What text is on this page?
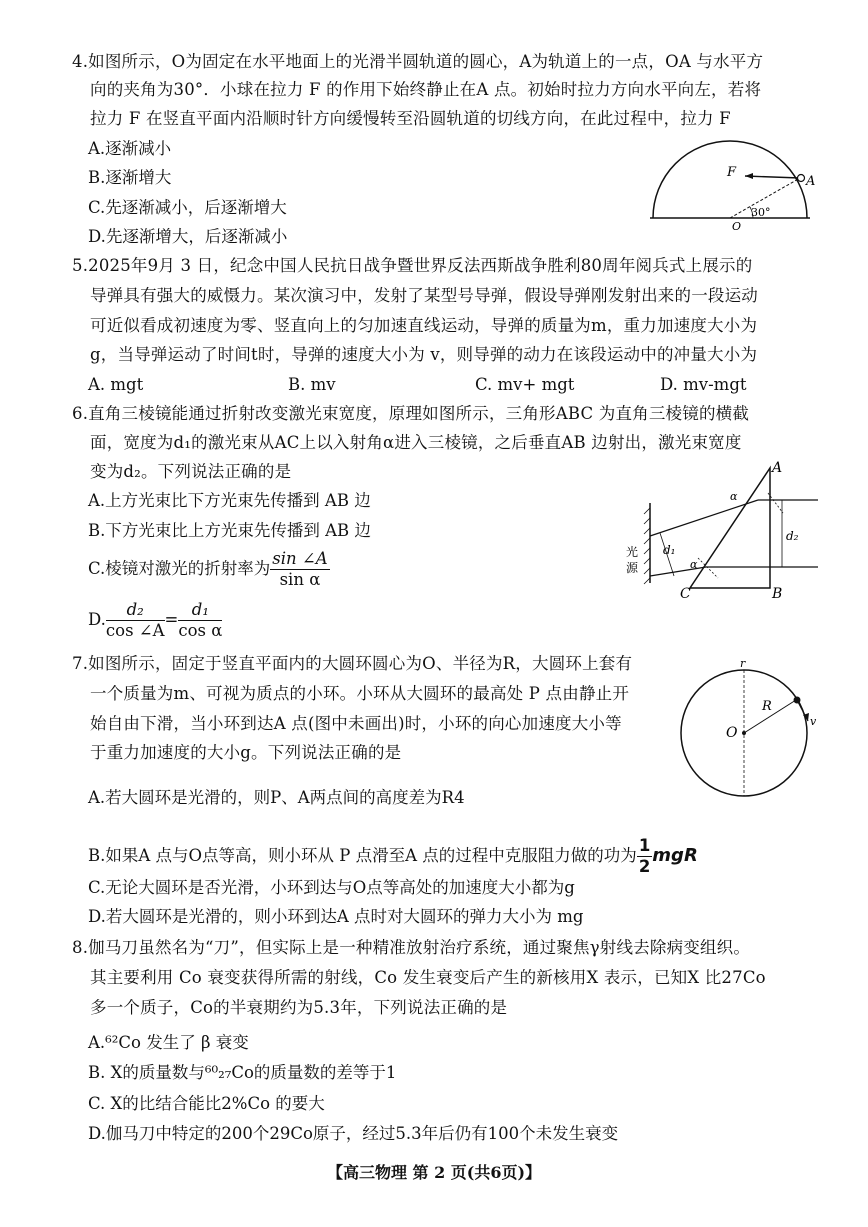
4.如图所示，O为固定在水平地面上的光滑半圆轨道的圆心，A为轨道上的一点，OA 与水平方
向的夹角为30°．小球在拉力 F 的作用下始终静止在A 点。初始时拉力方向水平向左，若将
拉力 F 在竖直平面内沿顺时针方向缓慢转至沿圆轨道的切线方向，在此过程中，拉力 F
A.逐渐减小
B.逐渐增大
C.先逐渐减小，后逐渐增大
D.先逐渐增大，后逐渐减小
F
A
30°
O
5.2025年9月 3 日，纪念中国人民抗日战争暨世界反法西斯战争胜利80周年阅兵式上展示的
导弹具有强大的威慑力。某次演习中，发射了某型号导弹，假设导弹刚发射出来的一段运动
可近似看成初速度为零、竖直向上的匀加速直线运动，导弹的质量为m，重力加速度大小为
g，当导弹运动了时间t时，导弹的速度大小为 v，则导弹的动力在该段运动中的冲量大小为
A. mgt	B. mv	C. mv+ mgt	D. mv-mgt
6.直角三棱镜能通过折射改变激光束宽度，原理如图所示，三角形ABC 为直角三棱镜的横截
面，宽度为d₁的激光束从AC上以入射角α进入三棱镜，之后垂直AB 边射出，激光束宽度
变为d₂。下列说法正确的是
A.上方光束比下方光束先传播到 AB 边
B.下方光束比上方光束先传播到 AB 边
C.棱镜对激光的折射率为 $\frac{\sin \angle A}{\text{sin α}}$
D. $\frac{\text{d₂}}{\cos \angle A} = \frac{\text{d₁}}{\text{cos α}}$
A
B
C
d₁
d₂
α
α
光
源
7.如图所示，固定于竖直平面内的大圆环圆心为O、半径为R，大圆环上套有
一个质量为m、可视为质点的小环。小环从大圆环的最高处 P 点由静止开
始自由下滑，当小环到达A 点(图中未画出)时，小环的向心加速度大小等
于重力加速度的大小g。下列说法正确的是
A.若大圆环是光滑的，则P、A两点间的高度差为R4
B.如果A 点与O点等高，则小环从 P 点滑至A 点的过程中克服阻力做的功为 $\frac{1}{2}$ mgR
C.无论大圆环是否光滑，小环到达与O点等高处的加速度大小都为g
D.若大圆环是光滑的，则小环到达A 点时对大圆环的弹力大小为 mg
O
R
r
v
8.伽马刀虽然名为“刀”，但实际上是一种精准放射治疗系统，通过聚焦γ射线去除病变组织。
其主要利用 Co 衰变获得所需的射线，Co 发生衰变后产生的新核用X 表示，已知X 比27Co
多一个质子，Co的半衰期约为5.3年，下列说法正确的是
A.⁶²Co 发生了 β 衰变
B. X的质量数与⁶⁰₂₇Co的质量数的差等于1
C. X的比结合能比2%Co 的要大
D.伽马刀中特定的200个29Co原子，经过5.3年后仍有100个未发生衰变
【高三物理 第 2 页(共6页)】
